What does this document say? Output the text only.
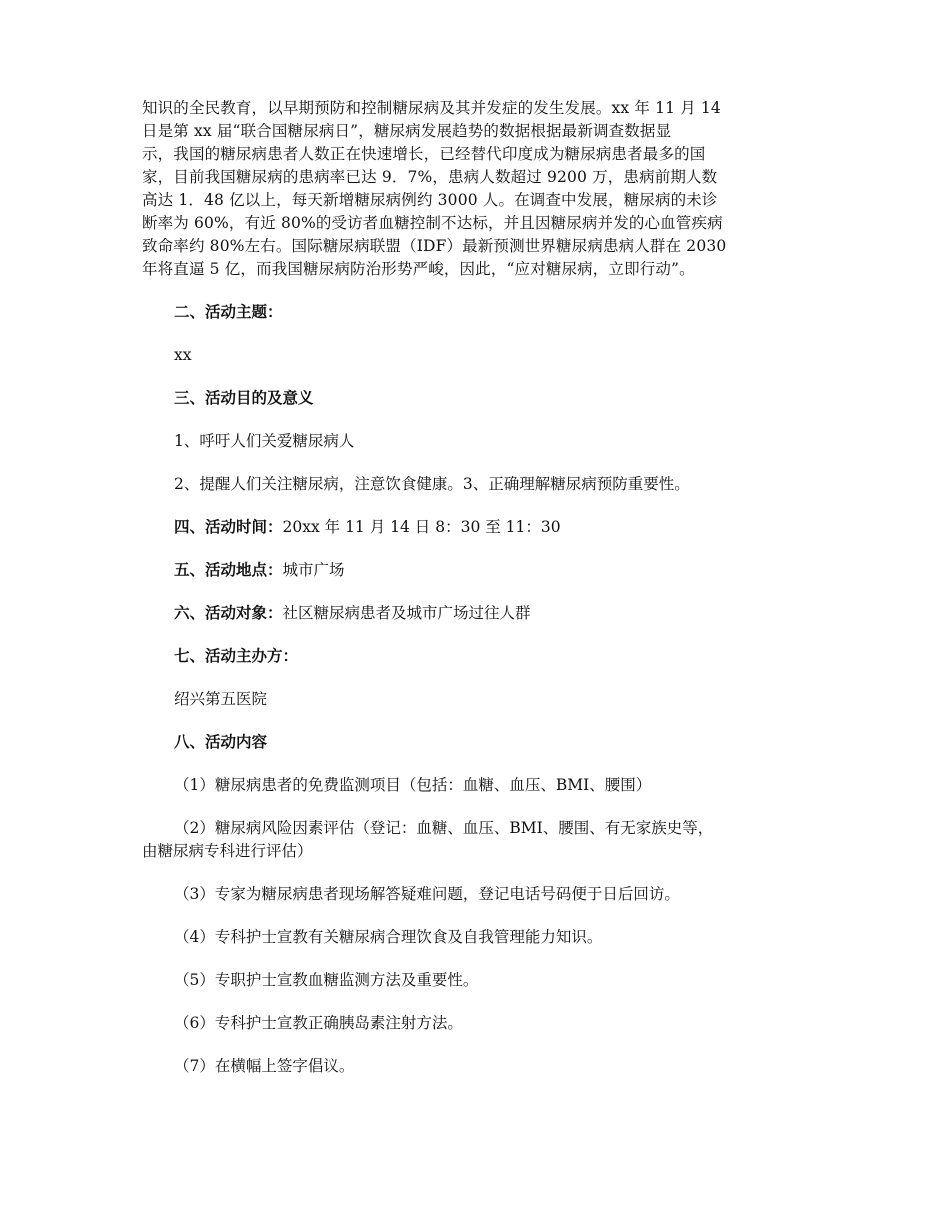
知识的全民教育，以早期预防和控制糖尿病及其并发症的发生发展。xx 年 11 月 14
日是第 xx 届“联合国糖尿病日”，糖尿病发展趋势的数据根据最新调查数据显
示，我国的糖尿病患者人数正在快速增长，已经替代印度成为糖尿病患者最多的国
家，目前我国糖尿病的患病率已达 9．7%，患病人数超过 9200 万，患病前期人数
高达 1．48 亿以上，每天新增糖尿病例约 3000 人。在调查中发展，糖尿病的未诊
断率为 60%，有近 80%的受访者血糖控制不达标，并且因糖尿病并发的心血管疾病
致命率约 80%左右。国际糖尿病联盟（IDF）最新预测世界糖尿病患病人群在 2030
年将直逼 5 亿，而我国糖尿病防治形势严峻，因此，“应对糖尿病，立即行动”。
二、活动主题：
xx
三、活动目的及意义
1、呼吁人们关爱糖尿病人
2、提醒人们关注糖尿病，注意饮食健康。3、正确理解糖尿病预防重要性。
四、活动时间：20xx 年 11 月 14 日 8：30 至 11：30
五、活动地点：城市广场
六、活动对象：社区糖尿病患者及城市广场过往人群
七、活动主办方：
绍兴第五医院
八、活动内容
（1）糖尿病患者的免费监测项目（包括：血糖、血压、BMI、腰围）
（2）糖尿病风险因素评估（登记：血糖、血压、BMI、腰围、有无家族史等，
由糖尿病专科进行评估）
（3）专家为糖尿病患者现场解答疑难问题，登记电话号码便于日后回访。
（4）专科护士宣教有关糖尿病合理饮食及自我管理能力知识。
（5）专职护士宣教血糖监测方法及重要性。
（6）专科护士宣教正确胰岛素注射方法。
（7）在横幅上签字倡议。
